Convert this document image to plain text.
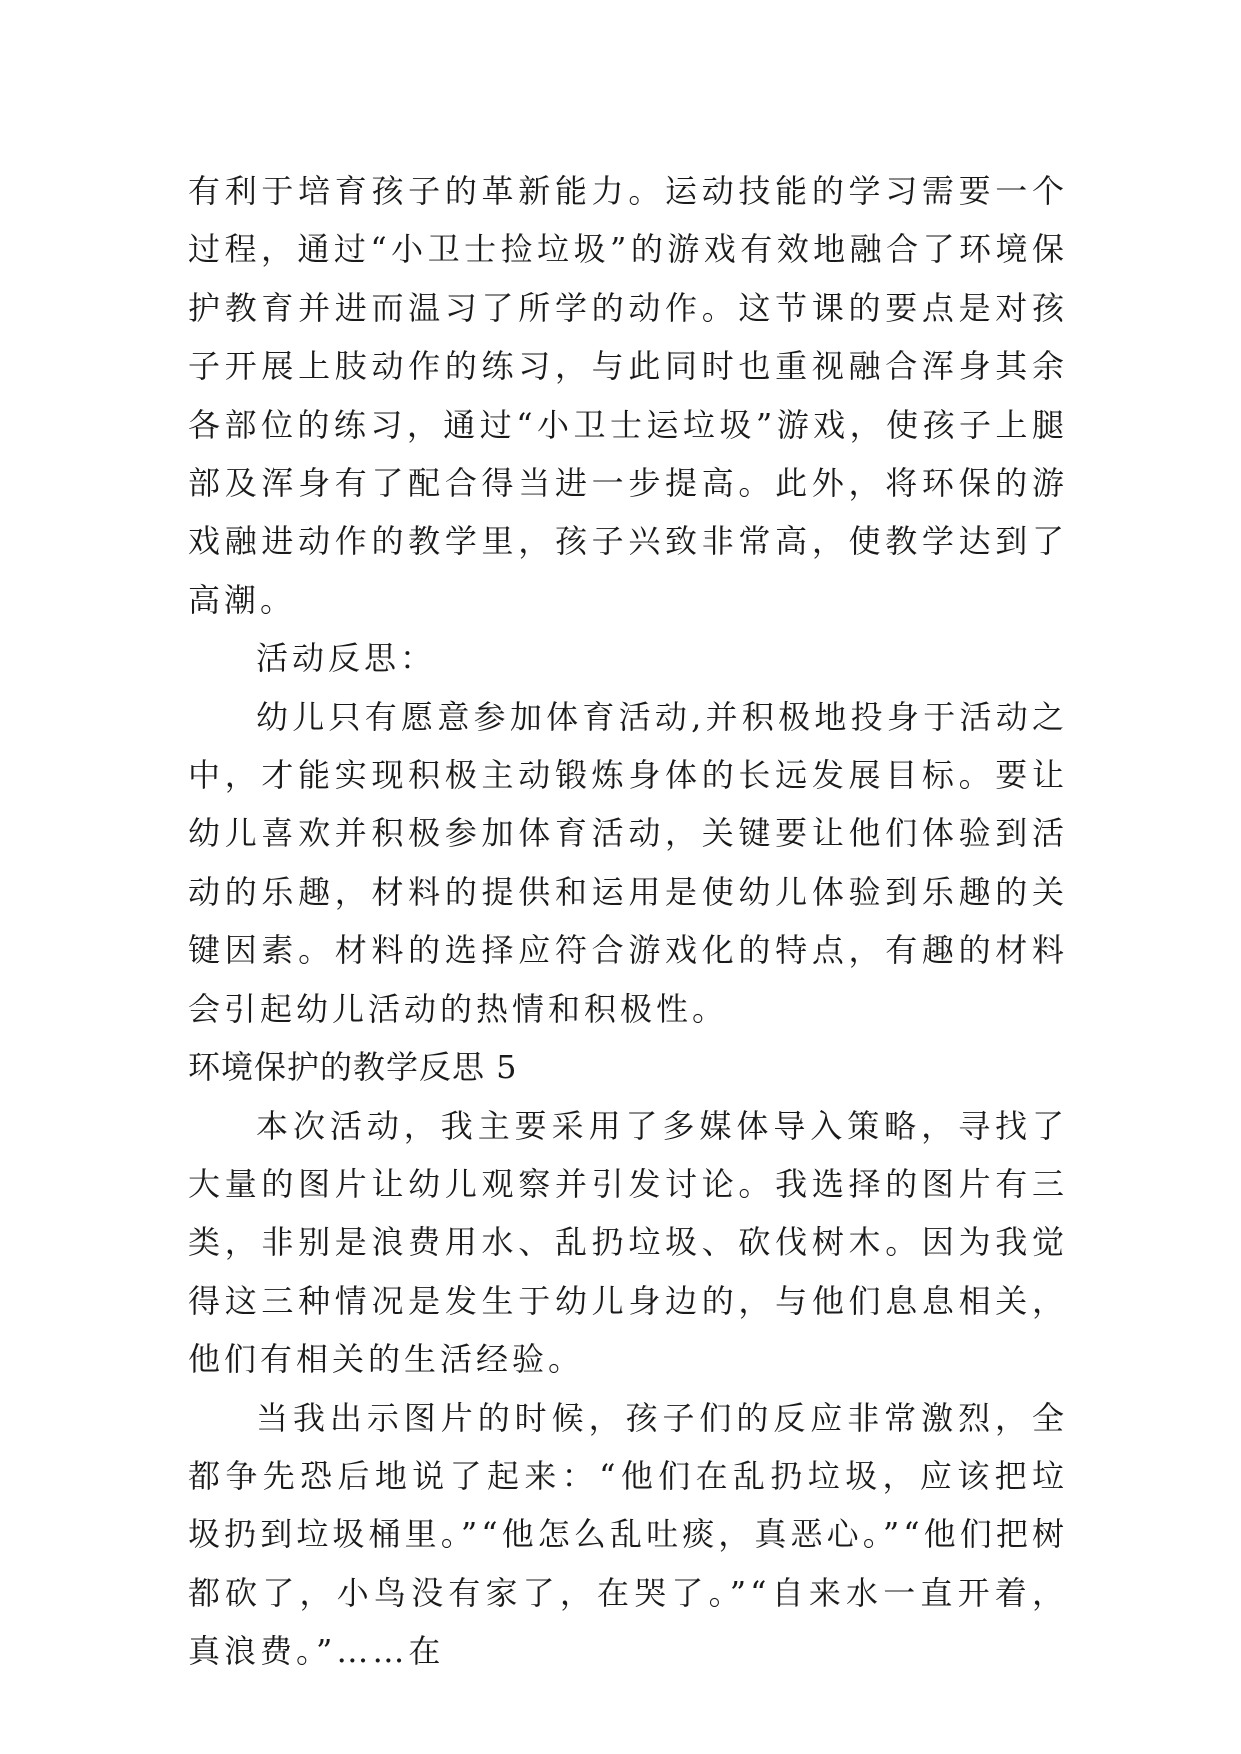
有利于培育孩子的革新能力。运动技能的学习需要一个过程，通过“小卫士捡垃圾”的游戏有效地融合了环境保护教育并进而温习了所学的动作。这节课的要点是对孩子开展上肢动作的练习，与此同时也重视融合浑身其余各部位的练习，通过“小卫士运垃圾”游戏，使孩子上腿部及浑身有了配合得当进一步提高。此外，将环保的游戏融进动作的教学里，孩子兴致非常高，使教学达到了高潮。

活动反思：

幼儿只有愿意参加体育活动,并积极地投身于活动之中，才能实现积极主动锻炼身体的长远发展目标。要让幼儿喜欢并积极参加体育活动，关键要让他们体验到活动的乐趣，材料的提供和运用是使幼儿体验到乐趣的关键因素。材料的选择应符合游戏化的特点，有趣的材料会引起幼儿活动的热情和积极性。

环境保护的教学反思 5

本次活动，我主要采用了多媒体导入策略，寻找了大量的图片让幼儿观察并引发讨论。我选择的图片有三类，非别是浪费用水、乱扔垃圾、砍伐树木。因为我觉得这三种情况是发生于幼儿身边的，与他们息息相关，他们有相关的生活经验。

当我出示图片的时候，孩子们的反应非常激烈，全都争先恐后地说了起来：“他们在乱扔垃圾，应该把垃圾扔到垃圾桶里。”“他怎么乱吐痰，真恶心。”“他们把树都砍了，小鸟没有家了，在哭了。”“自来水一直开着，真浪费。”……在
